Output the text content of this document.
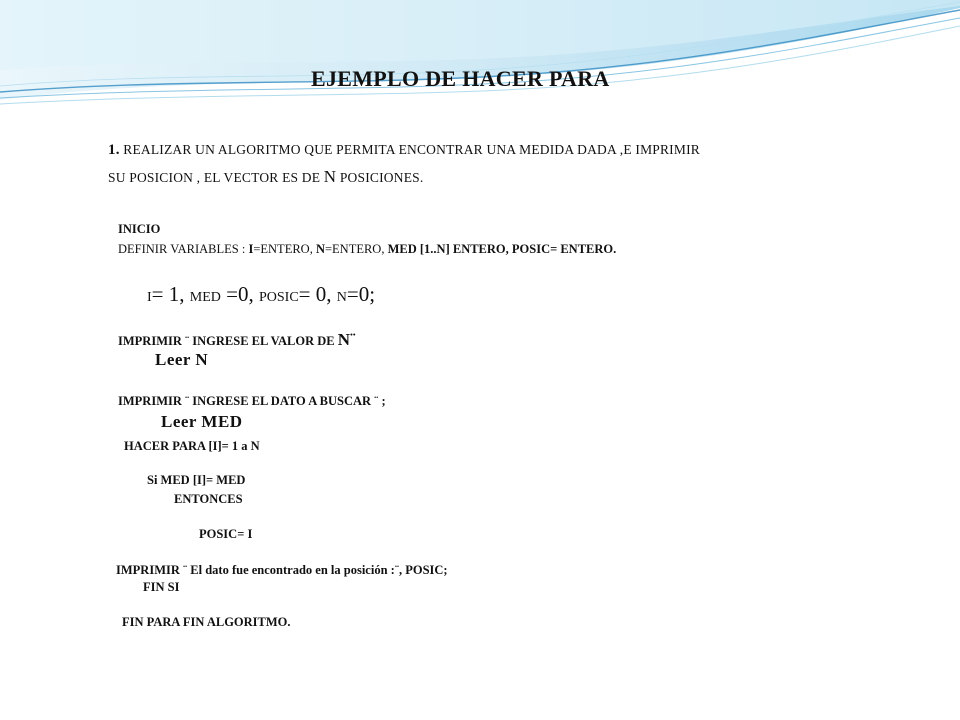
EJEMPLO DE HACER PARA

1. REALIZAR UN ALGORITMO QUE PERMITA ENCONTRAR UNA MEDIDA DADA ,E IMPRIMIR

SU POSICION , EL VECTOR ES DE N POSICIONES.

INICIO
DEFINIR VARIABLES : I=ENTERO, N=ENTERO, MED [1..N] ENTERO, POSIC= ENTERO.
I= 1, MED =0, POSIC= 0, N=0;
IMPRIMIR ¨ INGRESE EL VALOR DE N¨
Leer N
IMPRIMIR ¨ INGRESE EL DATO A BUSCAR ¨ ;
Leer MED
HACER PARA [I]= 1 a N
Si MED [I]= MED
ENTONCES
POSIC= I
IMPRIMIR ¨ El dato fue encontrado en la posición :¨, POSIC;
FIN SI
FIN PARA FIN ALGORITMO.
